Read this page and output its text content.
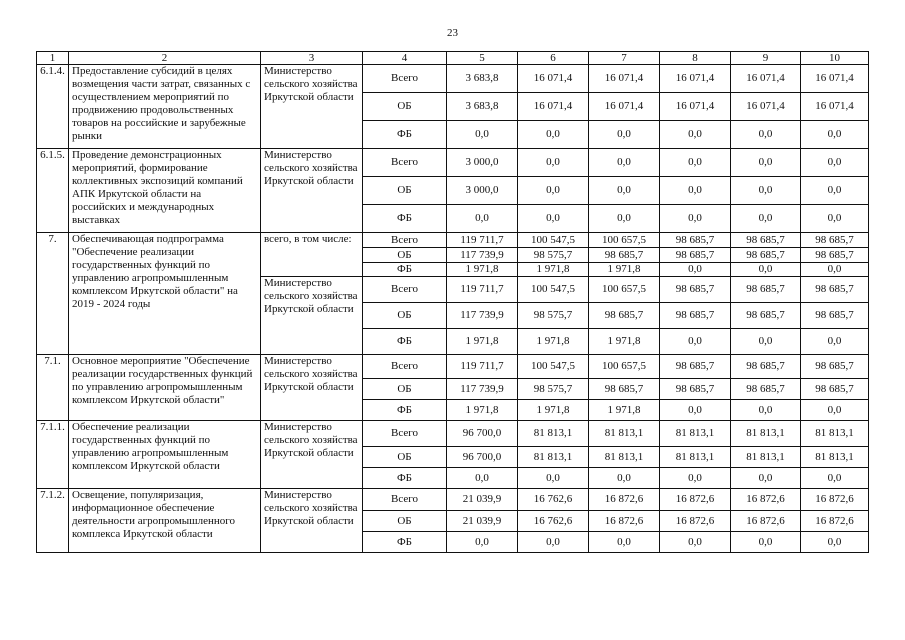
23
1	2	3	4	5	6	7	8	9	10
6.1.4.	Предоставление субсидий в целях возмещения части затрат, связанных с осуществлением мероприятий по продвижению продовольственных товаров на российские и зарубежные рынки	Министерство сельского хозяйства Иркутской области	Всего	3 683,8	16 071,4	16 071,4	16 071,4	16 071,4	16 071,4
			ОБ	3 683,8	16 071,4	16 071,4	16 071,4	16 071,4	16 071,4
			ФБ	0,0	0,0	0,0	0,0	0,0	0,0
6.1.5.	Проведение демонстрационных мероприятий, формирование коллективных экспозиций компаний АПК Иркутской области на российских и международных выставках	Министерство сельского хозяйства Иркутской области	Всего	3 000,0	0,0	0,0	0,0	0,0	0,0
			ОБ	3 000,0	0,0	0,0	0,0	0,0	0,0
			ФБ	0,0	0,0	0,0	0,0	0,0	0,0
7.	Обеспечивающая подпрограмма "Обеспечение реализации государственных функций по управлению агропромышленным комплексом Иркутской области" на 2019 - 2024 годы	всего, в том числе:	Всего	119 711,7	100 547,5	100 657,5	98 685,7	98 685,7	98 685,7
			ОБ	117 739,9	98 575,7	98 685,7	98 685,7	98 685,7	98 685,7
			ФБ	1 971,8	1 971,8	1 971,8	0,0	0,0	0,0
		Министерство сельского хозяйства Иркутской области	Всего	119 711,7	100 547,5	100 657,5	98 685,7	98 685,7	98 685,7
			ОБ	117 739,9	98 575,7	98 685,7	98 685,7	98 685,7	98 685,7
			ФБ	1 971,8	1 971,8	1 971,8	0,0	0,0	0,0
7.1.	Основное мероприятие "Обеспечение реализации государственных функций по управлению агропромышленным комплексом Иркутской области"	Министерство сельского хозяйства Иркутской области	Всего	119 711,7	100 547,5	100 657,5	98 685,7	98 685,7	98 685,7
			ОБ	117 739,9	98 575,7	98 685,7	98 685,7	98 685,7	98 685,7
			ФБ	1 971,8	1 971,8	1 971,8	0,0	0,0	0,0
7.1.1.	Обеспечение реализации государственных функций по управлению агропромышленным комплексом Иркутской области	Министерство сельского хозяйства Иркутской области	Всего	96 700,0	81 813,1	81 813,1	81 813,1	81 813,1	81 813,1
			ОБ	96 700,0	81 813,1	81 813,1	81 813,1	81 813,1	81 813,1
			ФБ	0,0	0,0	0,0	0,0	0,0	0,0
7.1.2.	Освещение, популяризация, информационное обеспечение деятельности агропромышленного комплекса Иркутской области	Министерство сельского хозяйства Иркутской области	Всего	21 039,9	16 762,6	16 872,6	16 872,6	16 872,6	16 872,6
			ОБ	21 039,9	16 762,6	16 872,6	16 872,6	16 872,6	16 872,6
			ФБ	0,0	0,0	0,0	0,0	0,0	0,0
